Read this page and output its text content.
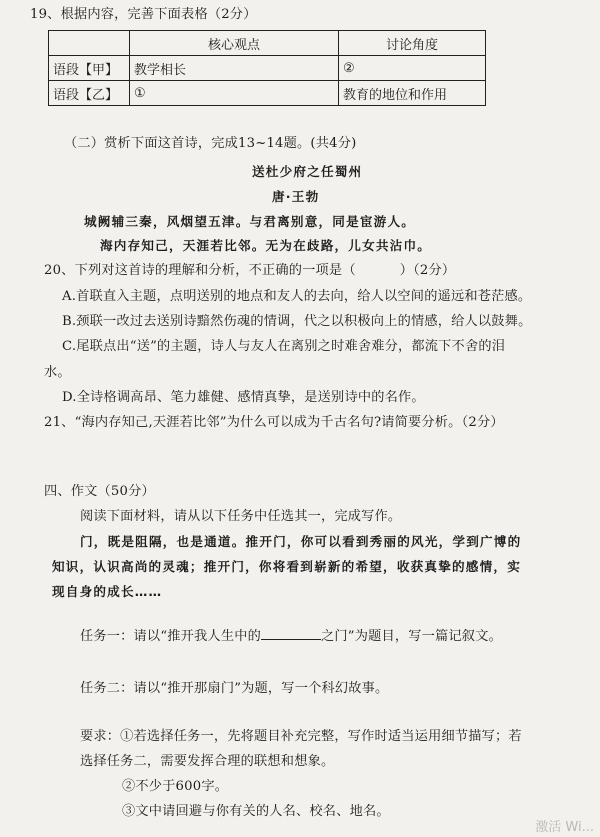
19、根据内容，完善下面表格（2分）
	核心观点	讨论角度
语段【甲】	教学相长	②
语段【乙】	①	教育的地位和作用
（二）赏析下面这首诗，完成13~14题。(共4分)
送杜少府之任蜀州
唐·王勃
城阙辅三秦，风烟望五津。与君离别意，同是宦游人。
海内存知己，天涯若比邻。无为在歧路，儿女共沾巾。
20、下列对这首诗的理解和分析，不正确的一项是（	）（2分）
A.首联直入主题，点明送别的地点和友人的去向，给人以空间的遥远和苍茫感。
B.颈联一改过去送别诗黯然伤魂的情调，代之以积极向上的情感，给人以鼓舞。
C.尾联点出“送”的主题，诗人与友人在离别之时难舍难分，都流下不舍的泪
水。
D.全诗格调高昂、笔力雄健、感情真挚，是送别诗中的名作。
21、“海内存知己,天涯若比邻”为什么可以成为千古名句?请简要分析。（2分）
四、作文（50分）
阅读下面材料，请从以下任务中任选其一，完成写作。
门，既是阻隔，也是通道。推开门，你可以看到秀丽的风光，学到广博的
知识，认识高尚的灵魂；推开门，你将看到崭新的希望，收获真挚的感情，实
现自身的成长……
任务一：请以“推开我人生中的	之门”为题目，写一篇记叙文。
任务二：请以“推开那扇门”为题，写一个科幻故事。
要求：①若选择任务一，先将题目补充完整，写作时适当运用细节描写；若
选择任务二，需要发挥合理的联想和想象。
②不少于600字。
③文中请回避与你有关的人名、校名、地名。
激活 Wi...
